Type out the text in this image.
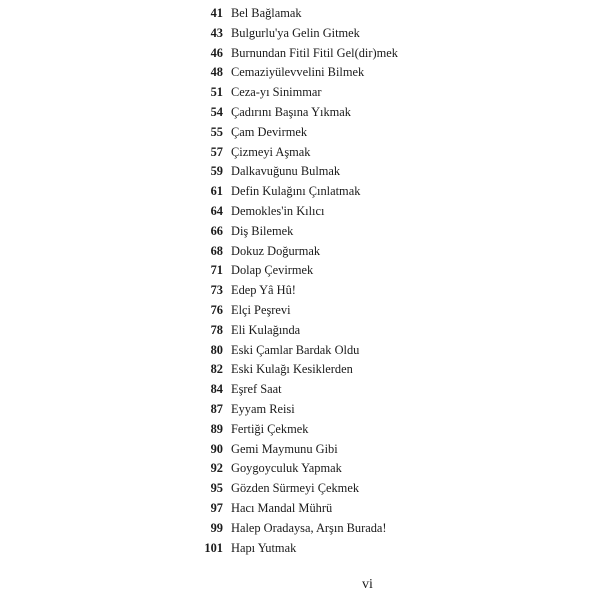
41 Bel Bağlamak
43 Bulgurlu'ya Gelin Gitmek
46 Burnundan Fitil Fitil Gel(dir)mek
48 Cemaziyülevvelini Bilmek
51 Ceza-yı Sinimmar
54 Çadırını Başına Yıkmak
55 Çam Devirmek
57 Çizmeyi Aşmak
59 Dalkavuğunu Bulmak
61 Defin Kulağını Çınlatmak
64 Demokles'in Kılıcı
66 Diş Bilemek
68 Dokuz Doğurmak
71 Dolap Çevirmek
73 Edep Yâ Hû!
76 Elçi Peşrevi
78 Eli Kulağında
80 Eski Çamlar Bardak Oldu
82 Eski Kulağı Kesiklerden
84 Eşref Saat
87 Eyyam Reisi
89 Fertiği Çekmek
90 Gemi Maymunu Gibi
92 Goygoyculuk Yapmak
95 Gözden Sürmeyi Çekmek
97 Hacı Mandal Mührü
99 Halep Oradaysa, Arşın Burada!
101 Hapı Yutmak
vi
